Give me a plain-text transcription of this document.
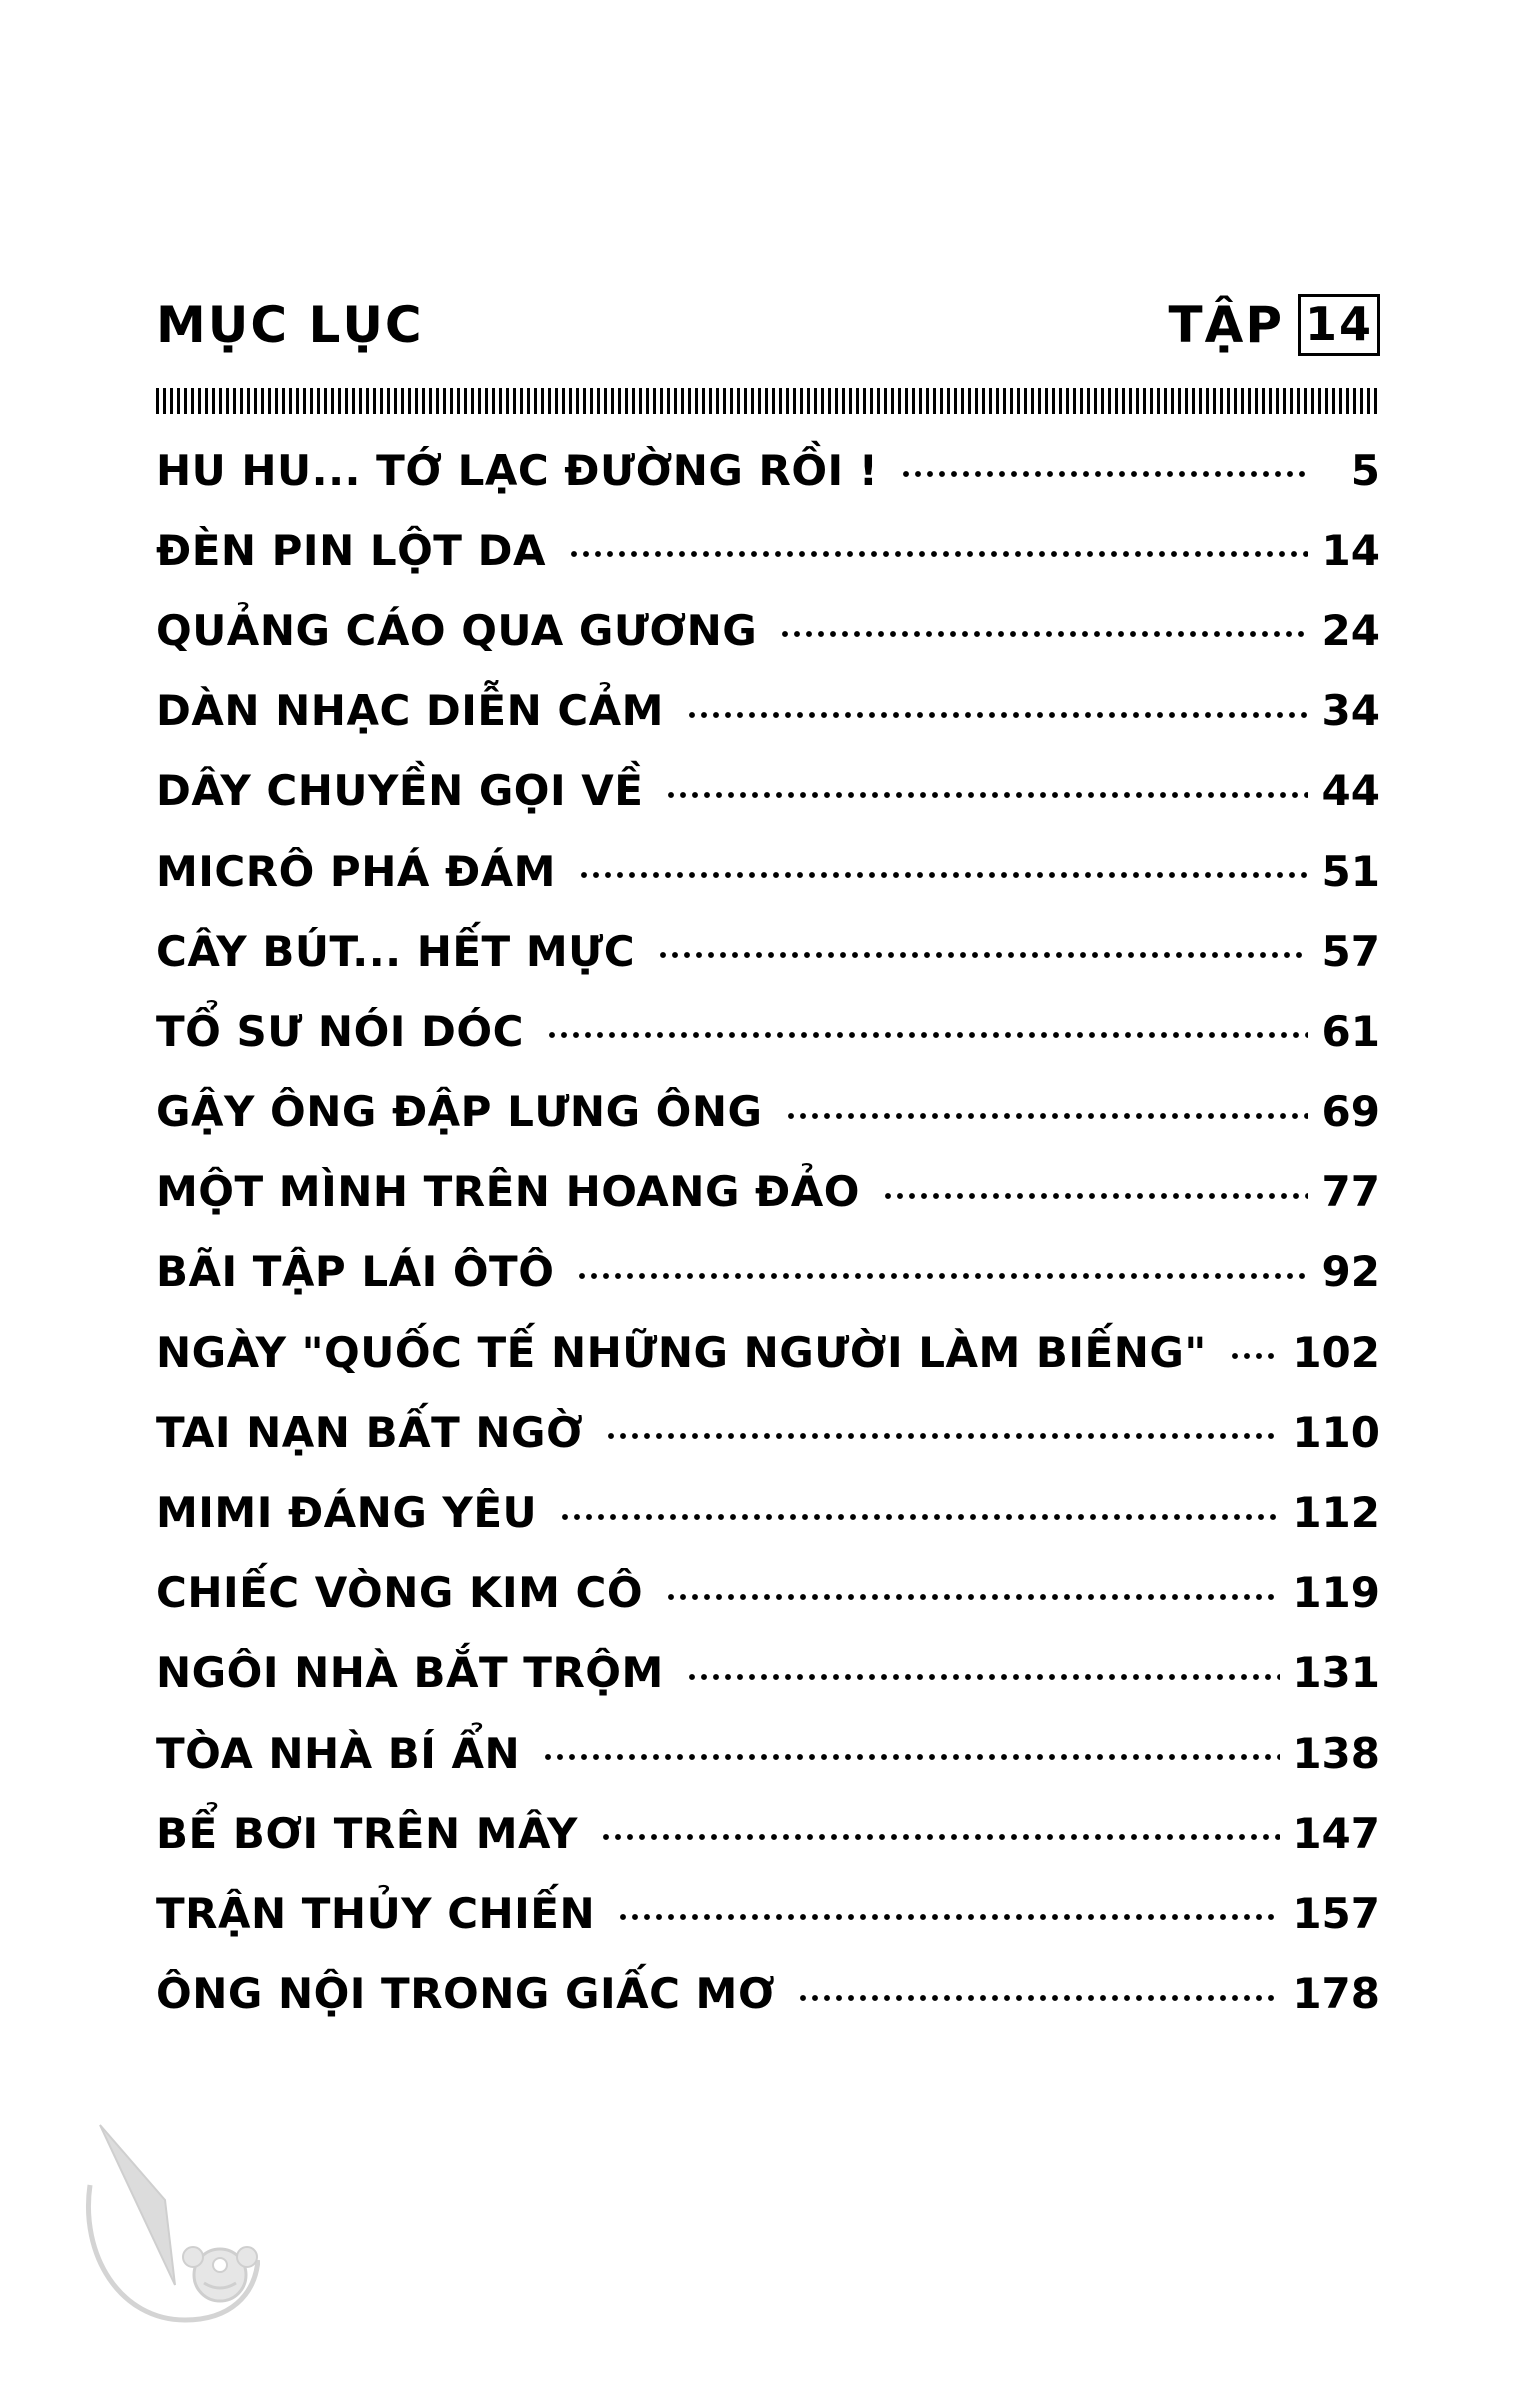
MỤC LỤC	TẬP 14
HU HU... TỚ LẠC ĐƯỜNG RỒI !	5
ĐÈN PIN LỘT DA	14
QUẢNG CÁO QUA GƯƠNG	24
DÀN NHẠC DIỄN CẢM	34
DÂY CHUYỀN GỌI VỀ	44
MICRÔ PHÁ ĐÁM	51
CÂY BÚT... HẾT MỰC	57
TỔ SƯ NÓI DÓC	61
GẬY ÔNG ĐẬP LƯNG ÔNG	69
MỘT MÌNH TRÊN HOANG ĐẢO	77
BÃI TẬP LÁI ÔTÔ	92
NGÀY "QUỐC TẾ NHỮNG NGƯỜI LÀM BIẾNG" 102
TAI NẠN BẤT NGỜ	110
MIMI ĐÁNG YÊU	112
CHIẾC VÒNG KIM CÔ	119
NGÔI NHÀ BẮT TRỘM	131
TÒA NHÀ BÍ ẨN	138
BỂ BƠI TRÊN MÂY	147
TRẬN THỦY CHIẾN	157
ÔNG NỘI TRONG GIẤC MƠ	178
